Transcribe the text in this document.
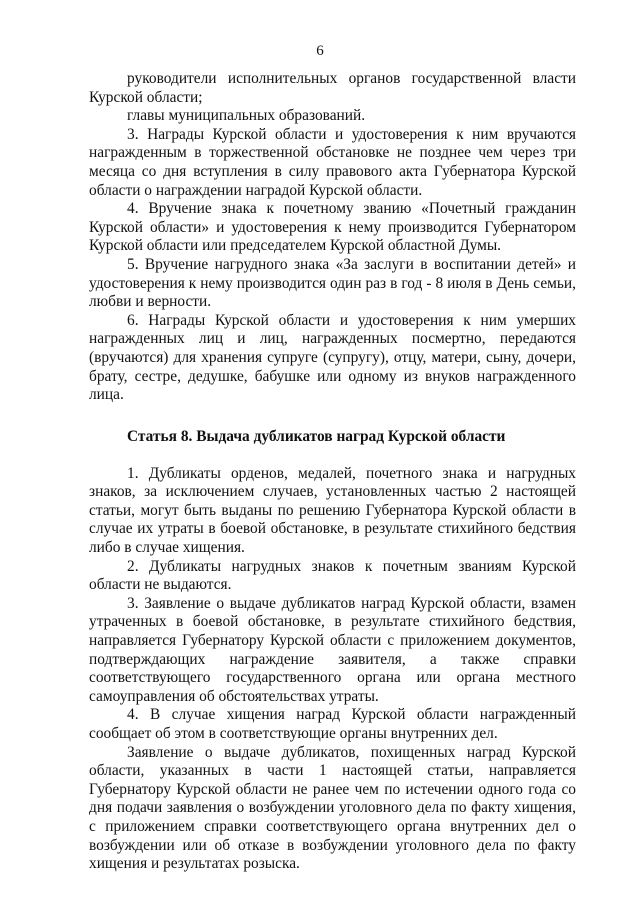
6

руководители исполнительных органов государственной власти Курской области;

главы муниципальных образований.

3. Награды Курской области и удостоверения к ним вручаются награжденным в торжественной обстановке не позднее чем через три месяца со дня вступления в силу правового акта Губернатора Курской области о награждении наградой Курской области.

4. Вручение знака к почетному званию «Почетный гражданин Курской области» и удостоверения к нему производится Губернатором Курской области или председателем Курской областной Думы.

5. Вручение нагрудного знака «За заслуги в воспитании детей» и удостоверения к нему производится один раз в год - 8 июля в День семьи, любви и верности.

6. Награды Курской области и удостоверения к ним умерших награжденных лиц и лиц, награжденных посмертно, передаются (вручаются) для хранения супруге (супругу), отцу, матери, сыну, дочери, брату, сестре, дедушке, бабушке или одному из внуков награжденного лица.

Статья 8. Выдача дубликатов наград Курской области

1. Дубликаты орденов, медалей, почетного знака и нагрудных знаков, за исключением случаев, установленных частью 2 настоящей статьи, могут быть выданы по решению Губернатора Курской области в случае их утраты в боевой обстановке, в результате стихийного бедствия либо в случае хищения.

2. Дубликаты нагрудных знаков к почетным званиям Курской области не выдаются.

3. Заявление о выдаче дубликатов наград Курской области, взамен утраченных в боевой обстановке, в результате стихийного бедствия, направляется Губернатору Курской области с приложением документов, подтверждающих награждение заявителя, а также справки соответствующего государственного органа или органа местного самоуправления об обстоятельствах утраты.

4. В случае хищения наград Курской области награжденный сообщает об этом в соответствующие органы внутренних дел.

Заявление о выдаче дубликатов, похищенных наград Курской области, указанных в части 1 настоящей статьи, направляется Губернатору Курской области не ранее чем по истечении одного года со дня подачи заявления о возбуждении уголовного дела по факту хищения, с приложением справки соответствующего органа внутренних дел о возбуждении или об отказе в возбуждении уголовного дела по факту хищения и результатах розыска.
